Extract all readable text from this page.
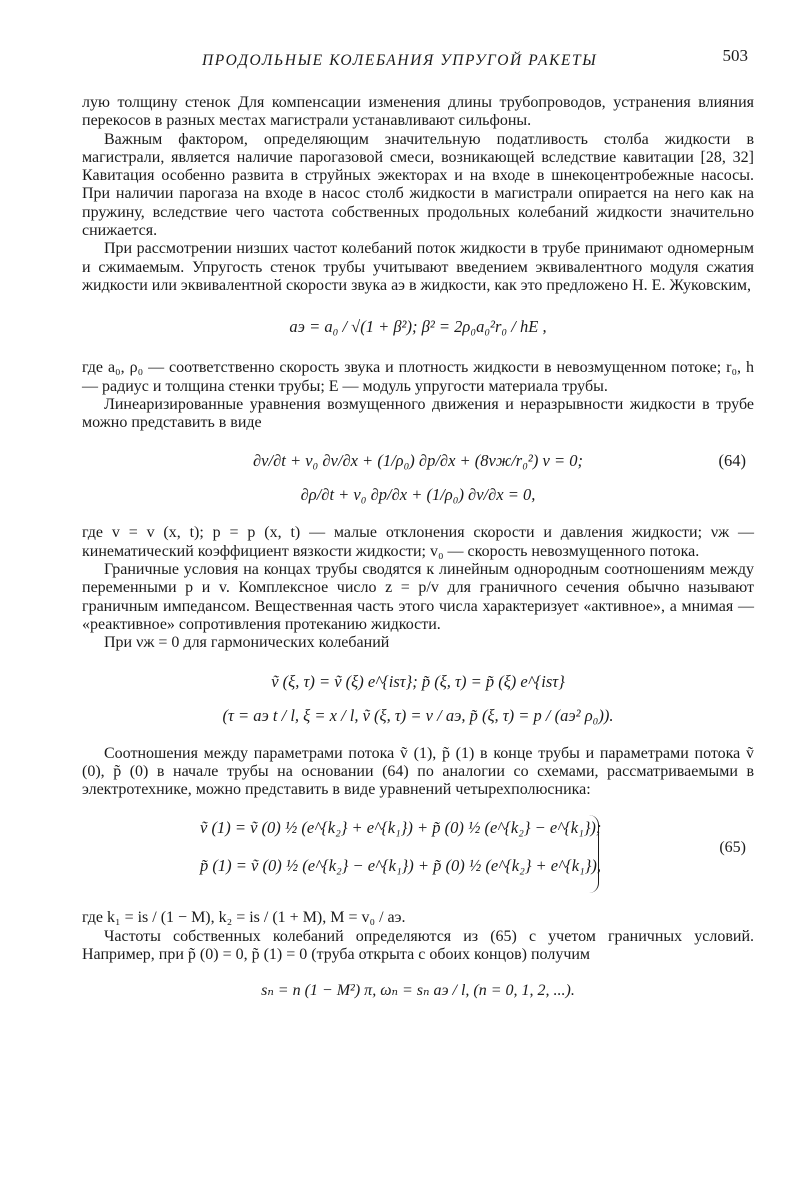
ПРОДОЛЬНЫЕ КОЛЕБАНИЯ УПРУГОЙ РАКЕТЫ	503

лую толщину стенок Для компенсации изменения длины трубопроводов, устранения влияния перекосов в разных местах магистрали устанавливают сильфоны.

Важным фактором, определяющим значительную податливость столба жидкости в магистрали, является наличие парогазовой смеси, возникающей вследствие кавитации [28, 32] Кавитация особенно развита в струйных эжекторах и на входе в шнекоцентробежные насосы. При наличии парогаза на входе в насос столб жидкости в магистрали опирается на него как на пружину, вследствие чего частота собственных продольных колебаний жидкости значительно снижается.

При рассмотрении низших частот колебаний поток жидкости в трубе принимают одномерным и сжимаемым. Упругость стенок трубы учитывают введением эквивалентного модуля сжатия жидкости или эквивалентной скорости звука aэ в жидкости, как это предложено Н. Е. Жуковским,

aэ = a₀ / √(1 + β²); β² = 2ρ₀a₀²r₀ / hE ,

где a₀, ρ₀ — соответственно скорость звука и плотность жидкости в невозмущенном потоке; r₀, h — радиус и толщина стенки трубы; E — модуль упругости материала трубы.

Линеаризированные уравнения возмущенного движения и неразрывности жидкости в трубе можно представить в виде

∂v/∂t + v₀ ∂v/∂x + (1/ρ₀) ∂p/∂x + (8νж/r₀²) v = 0;	(64)
∂ρ/∂t + v₀ ∂p/∂x + (1/ρ₀) ∂v/∂x = 0,

где v = v (x, t); p = p (x, t) — малые отклонения скорости и давления жидкости; νж — кинематический коэффициент вязкости жидкости; v₀ — скорость невозмущенного потока.

Граничные условия на концах трубы сводятся к линейным однородным соотношениям между переменными p и v. Комплексное число z = p/v для граничного сечения обычно называют граничным импедансом. Вещественная часть этого числа характеризует «активное», а мнимая — «реактивное» сопротивления протеканию жидкости.

При νж = 0 для гармонических колебаний

ṽ (ξ, τ) = ṽ (ξ) e^{isτ}; p̃ (ξ, τ) = p̃ (ξ) e^{isτ}
(τ = aэ t / l, ξ = x / l, ṽ (ξ, τ) = v / aэ, p̃ (ξ, τ) = p / (aэ² ρ₀)).

Соотношения между параметрами потока ṽ (1), p̃ (1) в конце трубы и параметрами потока ṽ (0), p̃ (0) в начале трубы на основании (64) по аналогии со схемами, рассматриваемыми в электротехнике, можно представить в виде уравнений четырехполюсника:

ṽ (1) = ṽ (0) ½ (e^{k₂} + e^{k₁}) + p̃ (0) ½ (e^{k₂} − e^{k₁});
p̃ (1) = ṽ (0) ½ (e^{k₂} − e^{k₁}) + p̃ (0) ½ (e^{k₂} + e^{k₁}),
(65)

где k₁ = is / (1 − M), k₂ = is / (1 + M), M = v₀ / aэ.

Частоты собственных колебаний определяются из (65) с учетом граничных условий. Например, при p̃ (0) = 0, p̃ (1) = 0 (труба открыта с обоих концов) получим

sₙ = n (1 − M²) π, ωₙ = sₙ aэ / l, (n = 0, 1, 2, ...).
